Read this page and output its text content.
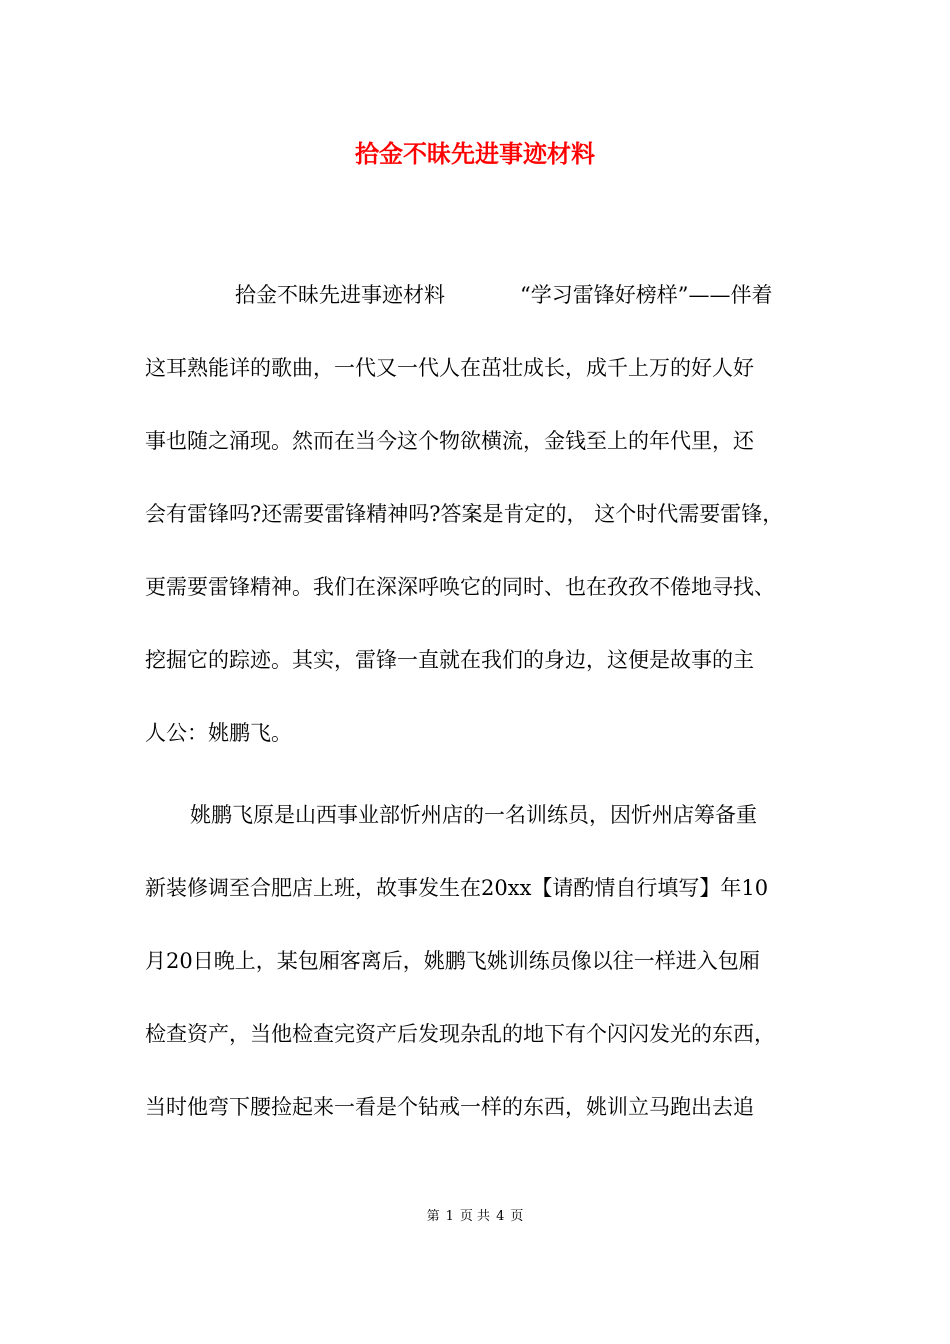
拾金不昧先进事迹材料
拾金不昧先进事迹材料	“学习雷锋好榜样”——伴着
这耳熟能详的歌曲，一代又一代人在茁壮成长，成千上万的好人好
事也随之涌现。然而在当今这个物欲横流，金钱至上的年代里，还
会有雷锋吗?还需要雷锋精神吗?答案是肯定的， 这个时代需要雷锋，
更需要雷锋精神。我们在深深呼唤它的同时、也在孜孜不倦地寻找、
挖掘它的踪迹。其实，雷锋一直就在我们的身边，这便是故事的主
人公：姚鹏飞。
姚鹏飞原是山西事业部忻州店的一名训练员，因忻州店筹备重
新装修调至合肥店上班，故事发生在20xx【请酌情自行填写】年10
月20日晚上，某包厢客离后，姚鹏飞姚训练员像以往一样进入包厢
检查资产，当他检查完资产后发现杂乱的地下有个闪闪发光的东西，
当时他弯下腰捡起来一看是个钻戒一样的东西，姚训立马跑出去追
第 1 页 共 4 页
